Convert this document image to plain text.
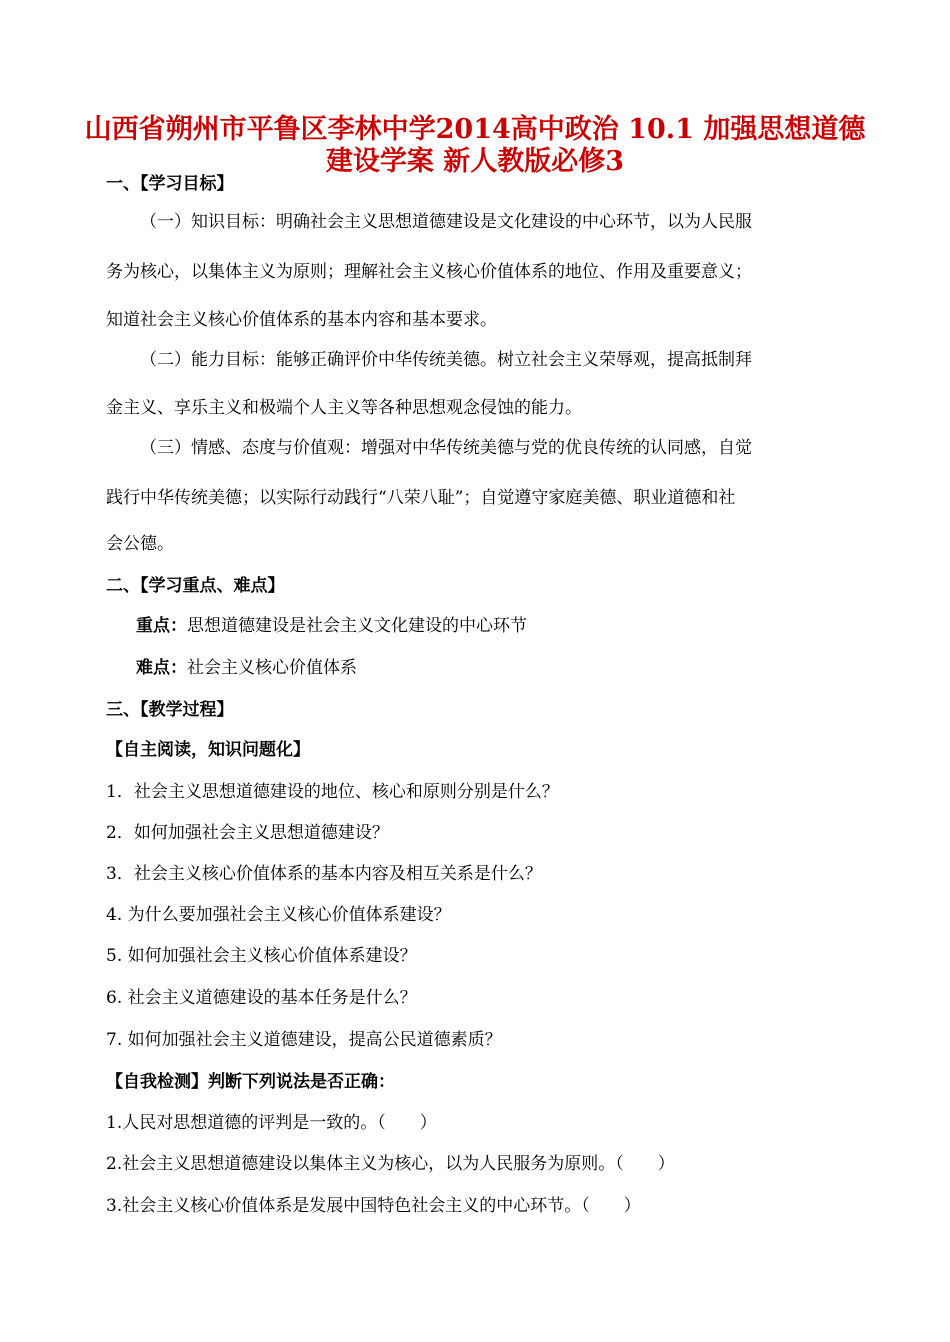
山西省朔州市平鲁区李林中学2014高中政治 10.1 加强思想道德
建设学案 新人教版必修3
一、【学习目标】
（一）知识目标：明确社会主义思想道德建设是文化建设的中心环节，以为人民服
务为核心，以集体主义为原则；理解社会主义核心价值体系的地位、作用及重要意义；
知道社会主义核心价值体系的基本内容和基本要求。
（二）能力目标：能够正确评价中华传统美德。树立社会主义荣辱观，提高抵制拜
金主义、享乐主义和极端个人主义等各种思想观念侵蚀的能力。
（三）情感、态度与价值观：增强对中华传统美德与党的优良传统的认同感，自觉
践行中华传统美德；以实际行动践行“八荣八耻”；自觉遵守家庭美德、职业道德和社
会公德。
二、【学习重点、难点】
重点：思想道德建设是社会主义文化建设的中心环节
难点：社会主义核心价值体系
三、【教学过程】
【自主阅读，知识问题化】
1．社会主义思想道德建设的地位、核心和原则分别是什么？
2．如何加强社会主义思想道德建设？
3．社会主义核心价值体系的基本内容及相互关系是什么？
4. 为什么要加强社会主义核心价值体系建设？
5. 如何加强社会主义核心价值体系建设？
6. 社会主义道德建设的基本任务是什么？
7. 如何加强社会主义道德建设，提高公民道德素质？
【自我检测】判断下列说法是否正确：
1.人民对思想道德的评判是一致的。（　　）
2.社会主义思想道德建设以集体主义为核心，以为人民服务为原则。（　　）
3.社会主义核心价值体系是发展中国特色社会主义的中心环节。（　　）
